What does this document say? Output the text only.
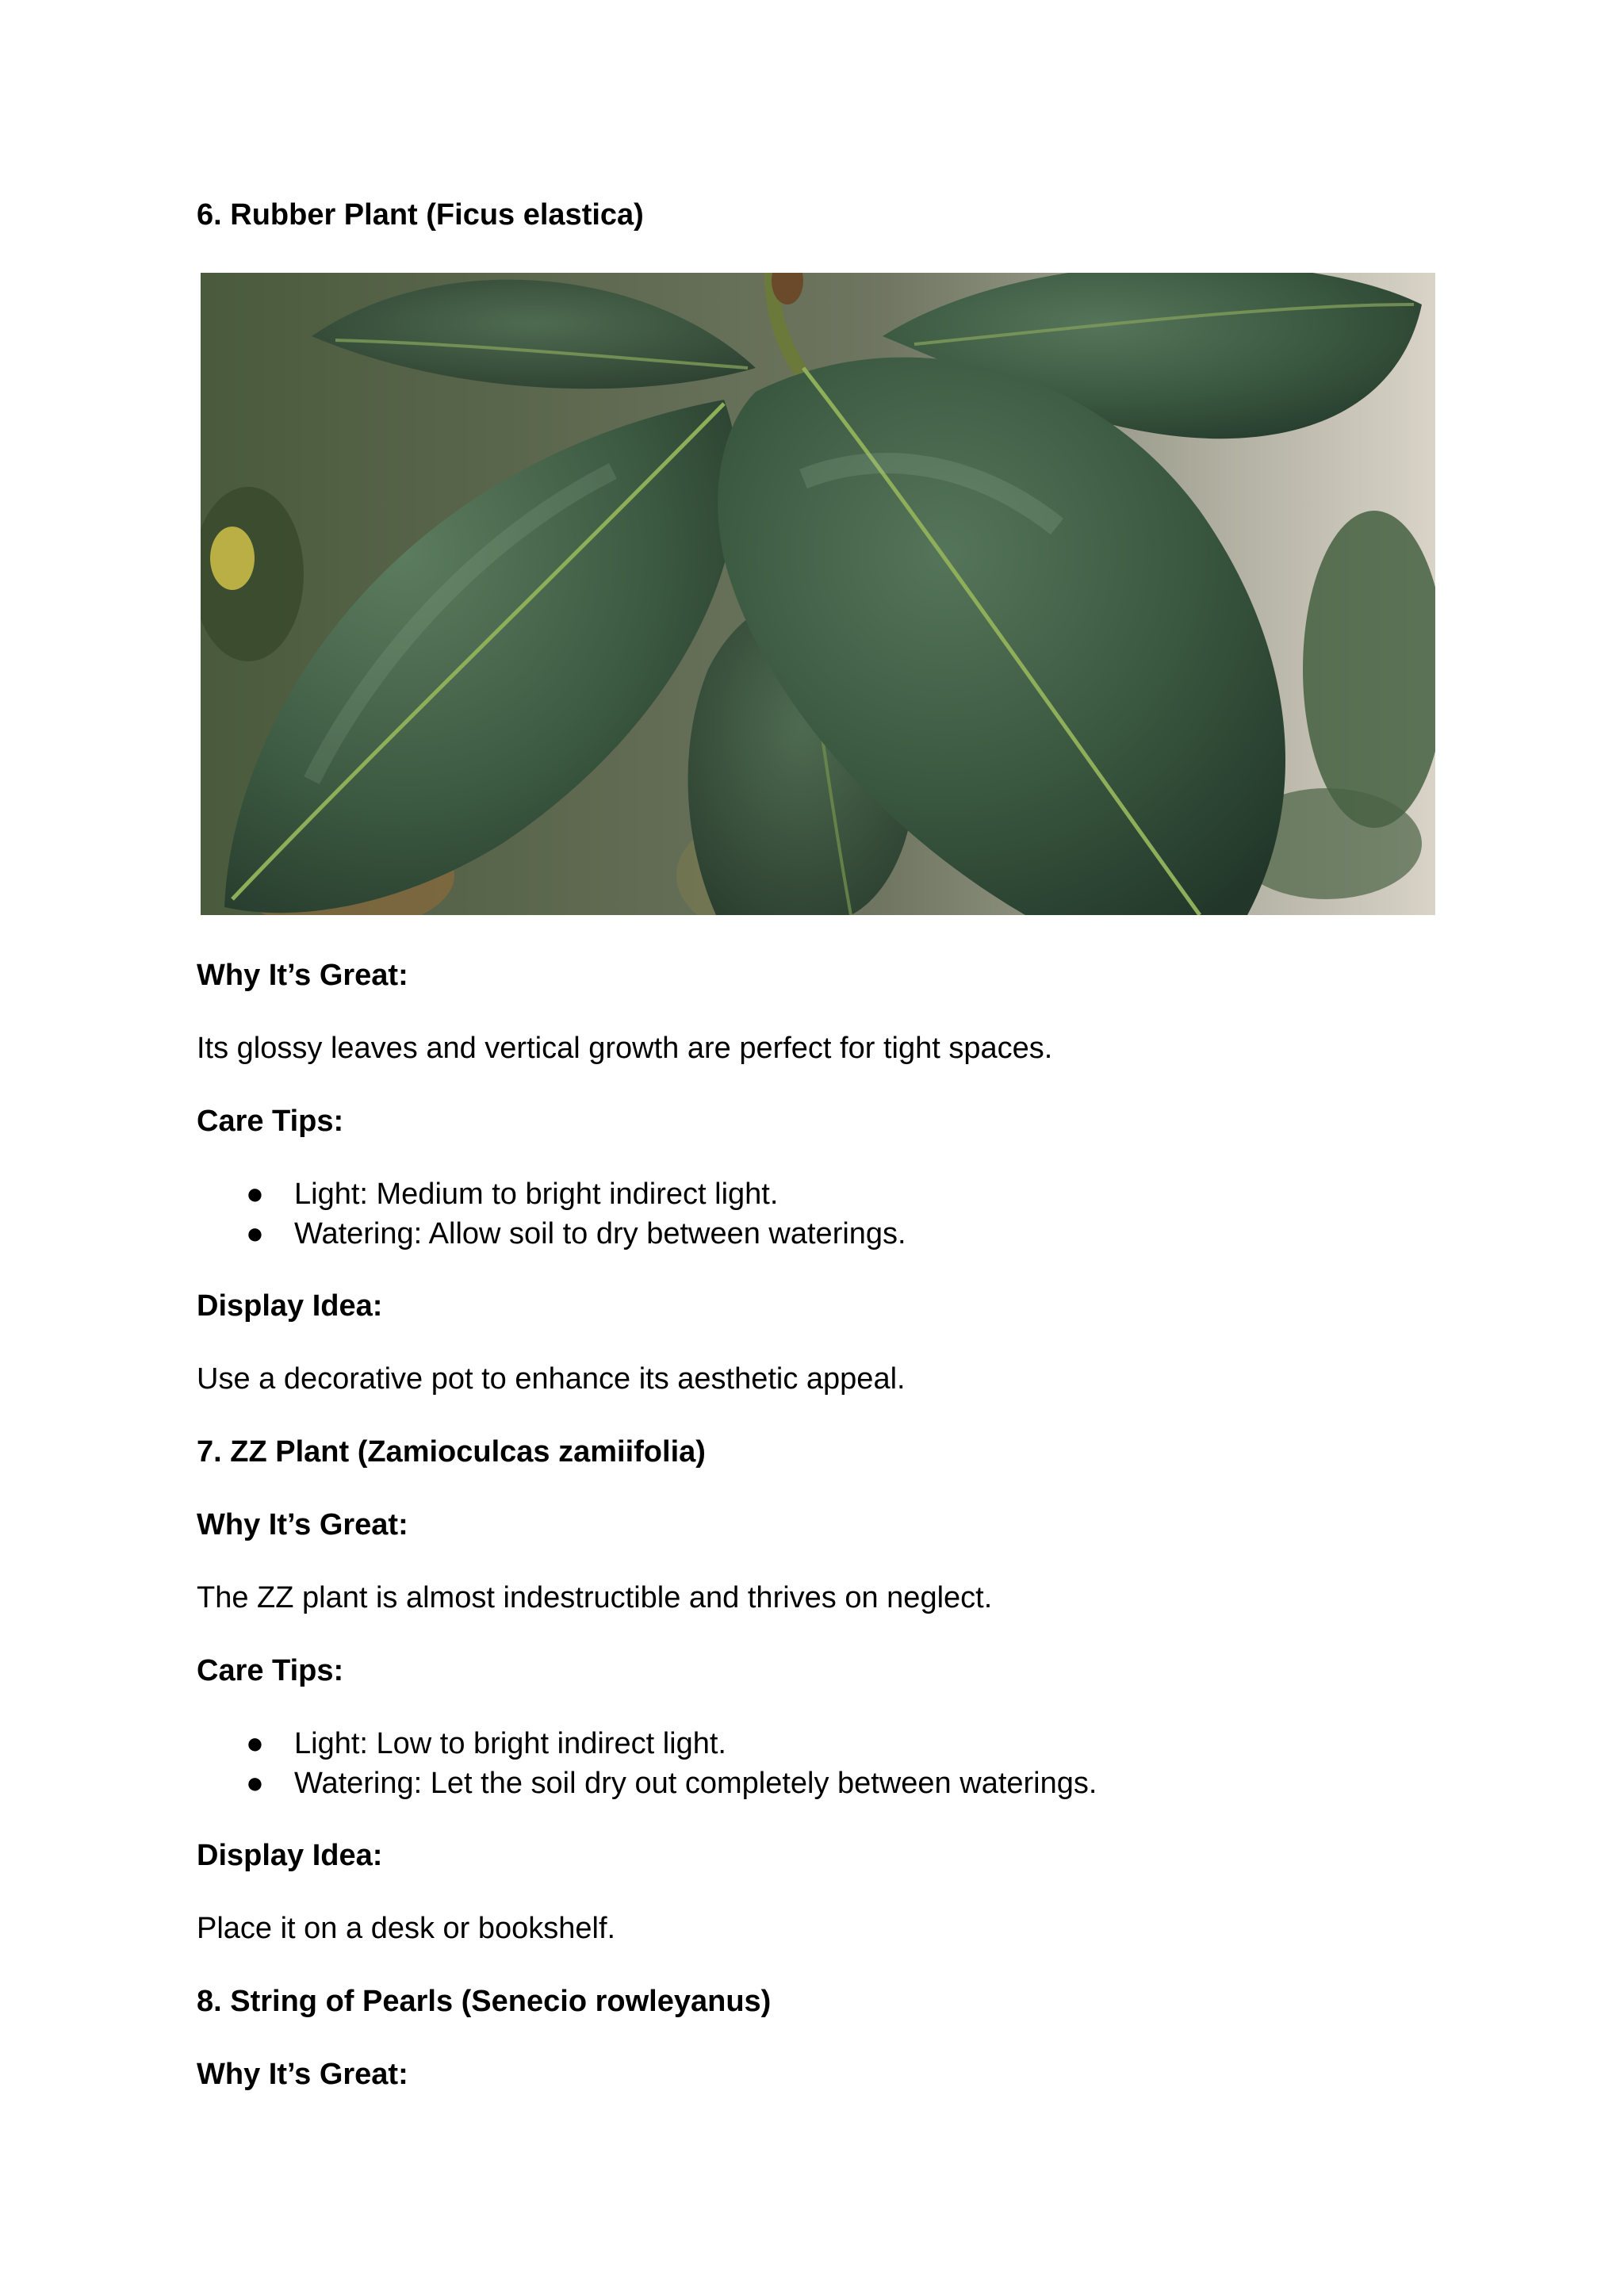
6. Rubber Plant (Ficus elastica)

Why It’s Great:

Its glossy leaves and vertical growth are perfect for tight spaces.

Care Tips:

● Light: Medium to bright indirect light.
● Watering: Allow soil to dry between waterings.

Display Idea:

Use a decorative pot to enhance its aesthetic appeal.

7. ZZ Plant (Zamioculcas zamiifolia)

Why It’s Great:

The ZZ plant is almost indestructible and thrives on neglect.

Care Tips:

● Light: Low to bright indirect light.
● Watering: Let the soil dry out completely between waterings.

Display Idea:

Place it on a desk or bookshelf.

8. String of Pearls (Senecio rowleyanus)

Why It’s Great:
